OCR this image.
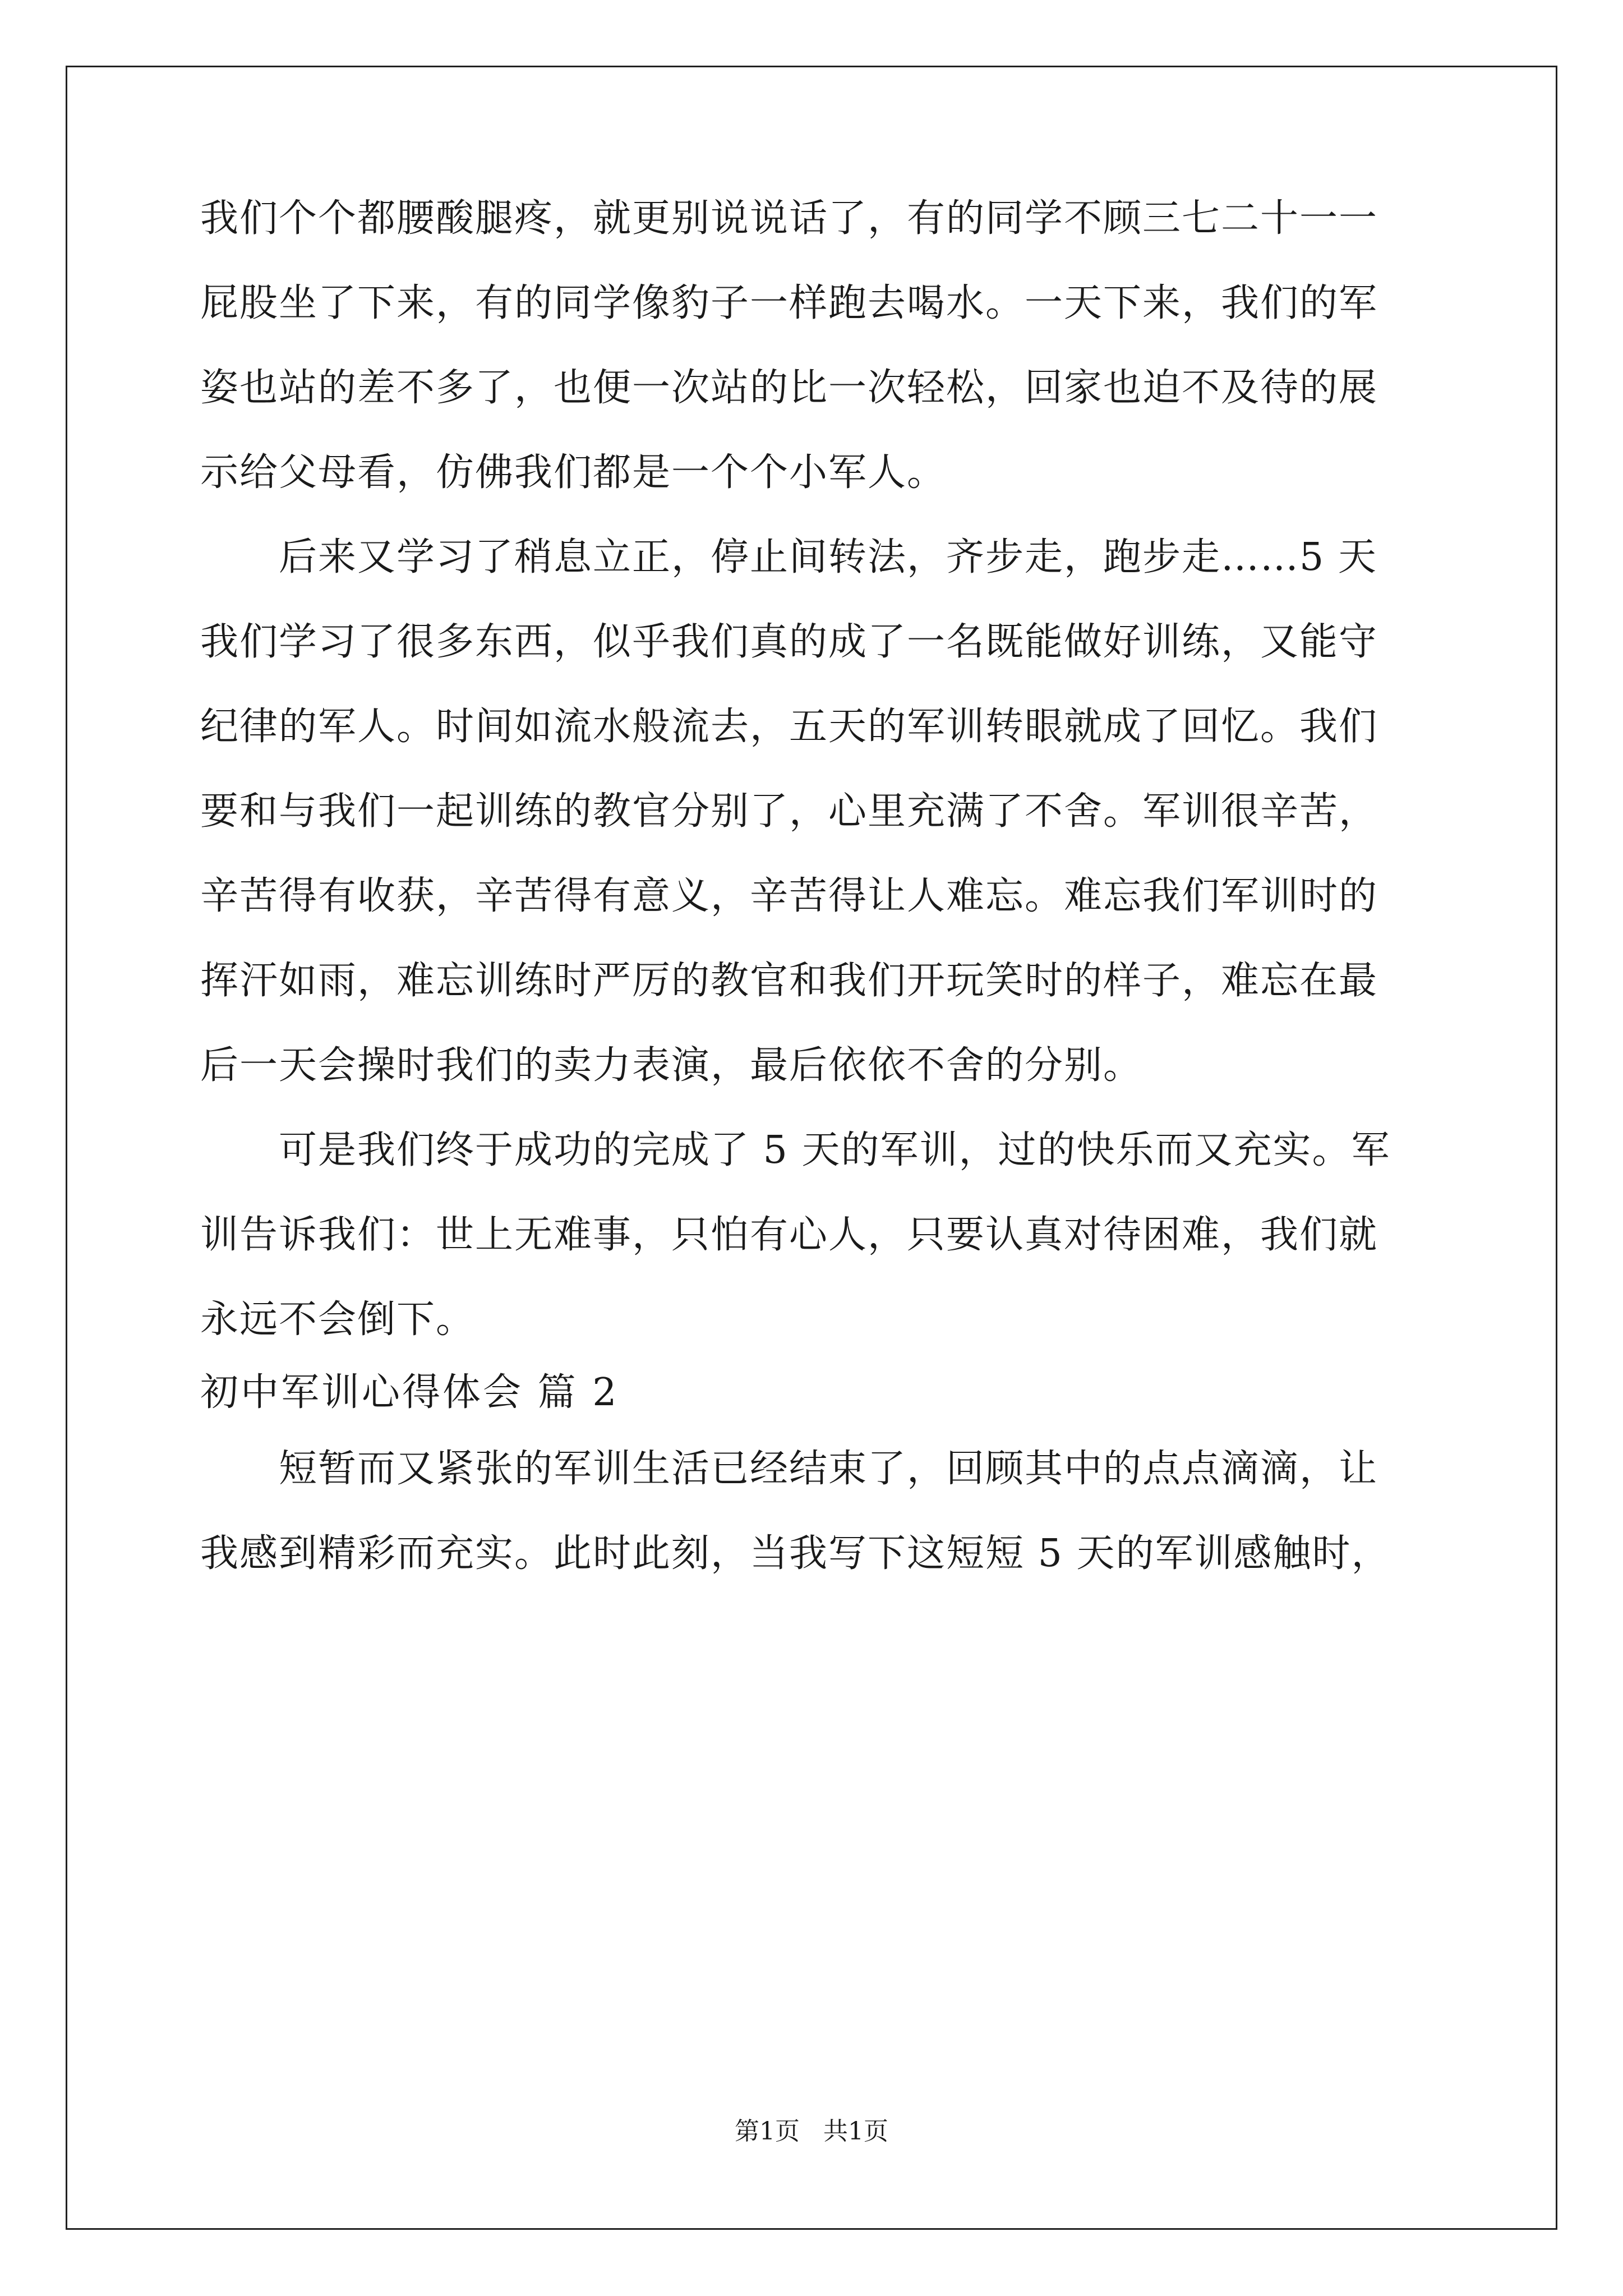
我们个个都腰酸腿疼，就更别说说话了，有的同学不顾三七二十一一
屁股坐了下来，有的同学像豹子一样跑去喝水。一天下来，我们的军
姿也站的差不多了，也便一次站的比一次轻松，回家也迫不及待的展
示给父母看，仿佛我们都是一个个小军人。
后来又学习了稍息立正，停止间转法，齐步走，跑步走……5 天
我们学习了很多东西，似乎我们真的成了一名既能做好训练，又能守
纪律的军人。时间如流水般流去，五天的军训转眼就成了回忆。我们
要和与我们一起训练的教官分别了，心里充满了不舍。军训很辛苦，
辛苦得有收获，辛苦得有意义，辛苦得让人难忘。难忘我们军训时的
挥汗如雨，难忘训练时严厉的教官和我们开玩笑时的样子，难忘在最
后一天会操时我们的卖力表演，最后依依不舍的分别。
可是我们终于成功的完成了 5 天的军训，过的快乐而又充实。军
训告诉我们：世上无难事，只怕有心人，只要认真对待困难，我们就
永远不会倒下。
初中军训心得体会 篇 2
短暂而又紧张的军训生活已经结束了，回顾其中的点点滴滴，让
我感到精彩而充实。此时此刻，当我写下这短短 5 天的军训感触时，
第1页   共1页
